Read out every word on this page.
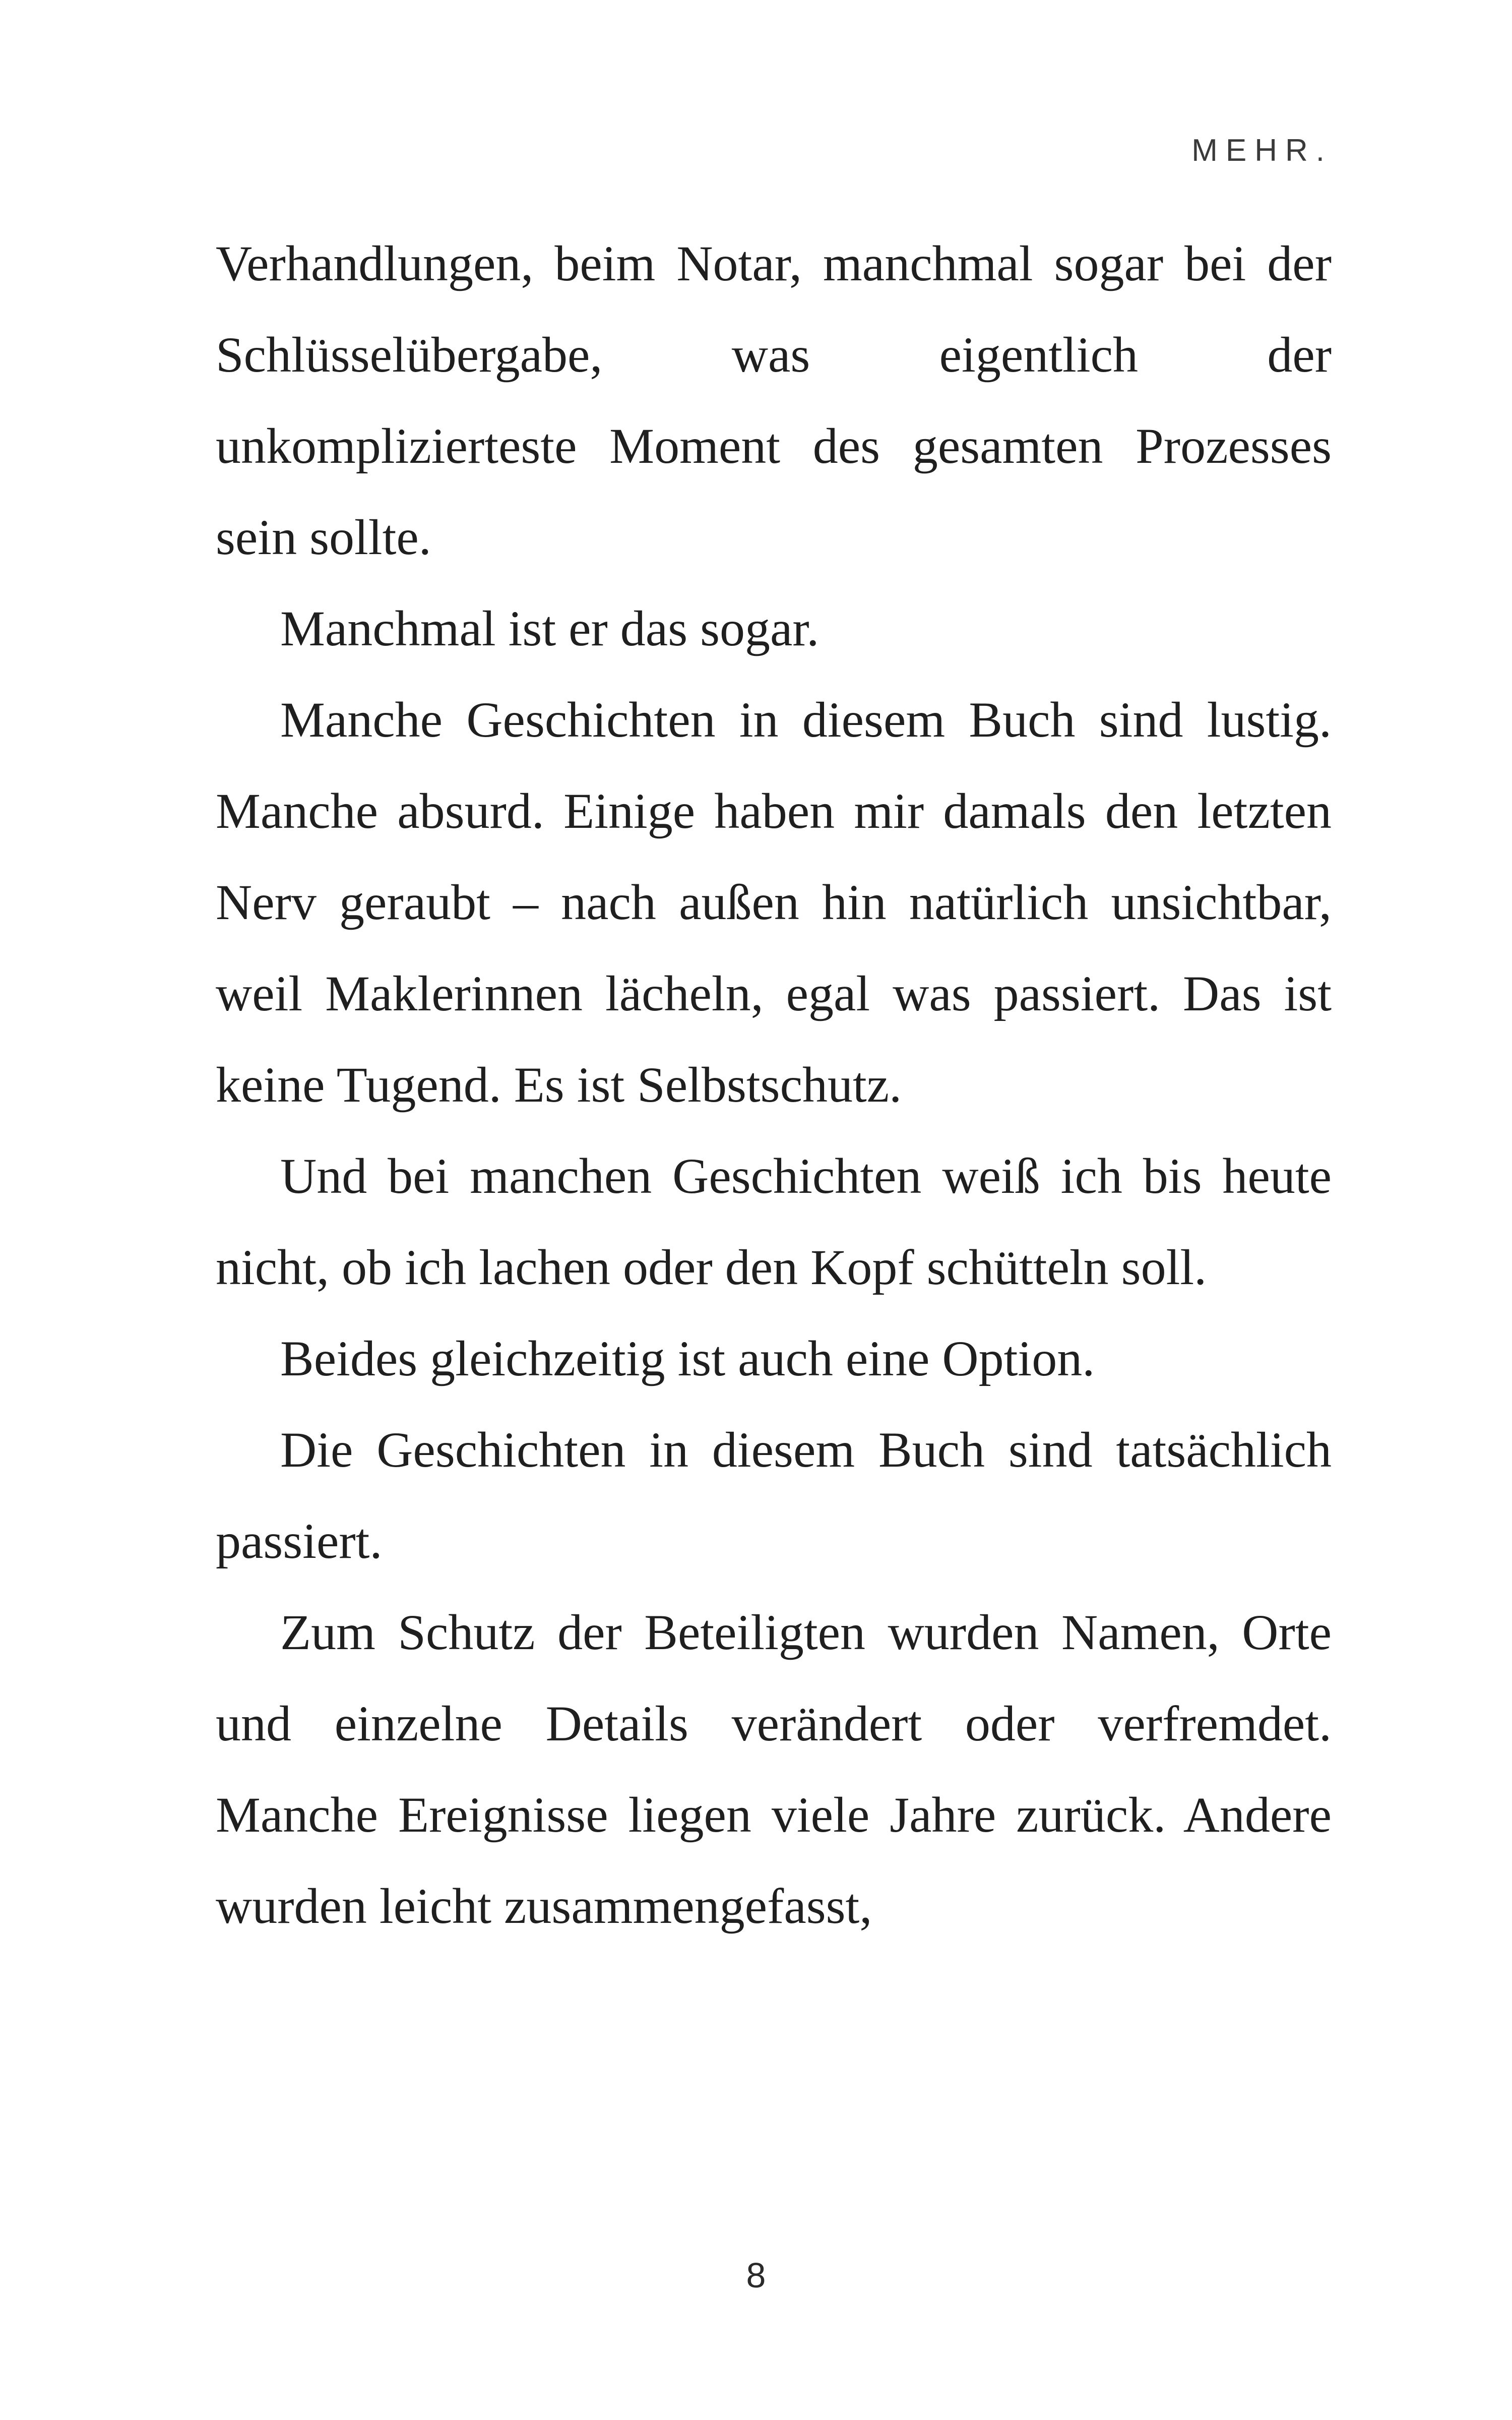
MEHR.

Verhandlungen, beim Notar, manchmal sogar bei der Schlüsselübergabe, was eigentlich der unkomplizierteste Moment des gesamten Prozesses sein sollte.

Manchmal ist er das sogar.

Manche Geschichten in diesem Buch sind lustig. Manche absurd. Einige haben mir damals den letzten Nerv geraubt – nach außen hin natürlich unsichtbar, weil Maklerinnen lächeln, egal was passiert. Das ist keine Tugend. Es ist Selbstschutz.

Und bei manchen Geschichten weiß ich bis heute nicht, ob ich lachen oder den Kopf schütteln soll.

Beides gleichzeitig ist auch eine Option.

Die Geschichten in diesem Buch sind tatsächlich passiert.

Zum Schutz der Beteiligten wurden Namen, Orte und einzelne Details verändert oder verfremdet. Manche Ereignisse liegen viele Jahre zurück. Andere wurden leicht zusammengefasst,

8
